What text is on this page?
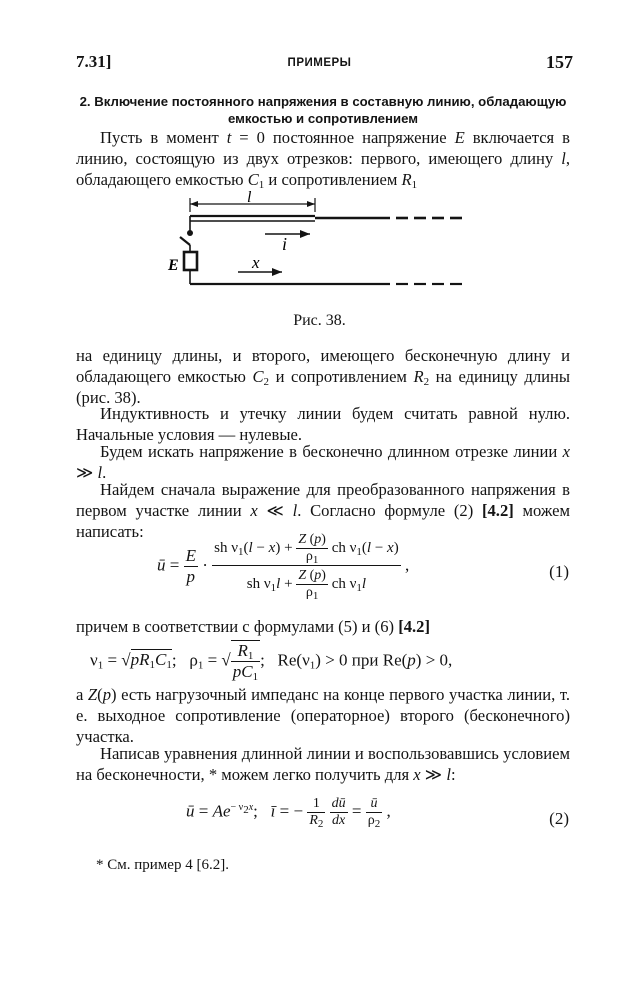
7.31]	ПРИМЕРЫ	157
2. Включение постоянного напряжения в составную линию, обладающую емкостью и сопротивлением
Пусть в момент t = 0 постоянное напряжение E включается в линию, состоящую из двух отрезков: первого, имеющего длину l, обладающего емкостью $C_1$ и сопротивлением $R_1$
l
i
E	x
Рис. 38.
на единицу длины, и второго, имеющего бесконечную длину и обладающего емкостью $C_2$ и сопротивлением $R_2$ на единицу длины (рис. 38).
Индуктивность и утечку линии будем считать равной нулю. Начальные условия — нулевые.
Будем искать напряжение в бесконечно длинном отрезке линии x ≫ l.
Найдем сначала выражение для преобразованного напряжения в первом участке линии x ≪ l. Согласно формуле (2) [4.2] можем написать:
ū = $\frac{E}{p} \cdot \frac{sh \nu_1(l - x) + \frac{Z (p)}{\rho_1} ch \nu_1(l - x)}{sh \nu_1l + \frac{Z (p)}{\rho_1} ch \nu_1l}$ ,	(1)
причем в соответствии с формулами (5) и (6) [4.2]
$\nu_1 = √pR_1C_1$;   $\rho_1$ = √ $\frac{R_1}{pC_1}$ ;   $Re(\nu_1) > 0$ при Re(p) > 0,
а Z(p) есть нагрузочный импеданс на конце первого участка линии, т. е. выходное сопротивление (операторное) второго (бесконечного) участка.
Написав уравнения длинной линии и воспользовавшись условием на бесконечности, * можем легко получить для x ≫ l:
ū = $Ae^{- \nu_2x}$;   ī = − $\frac{1}{R_2}$
$\frac{dū}{dx} = \frac{ū}{\rho_2}$ ,	(2)
* См. пример 4 [6.2].
